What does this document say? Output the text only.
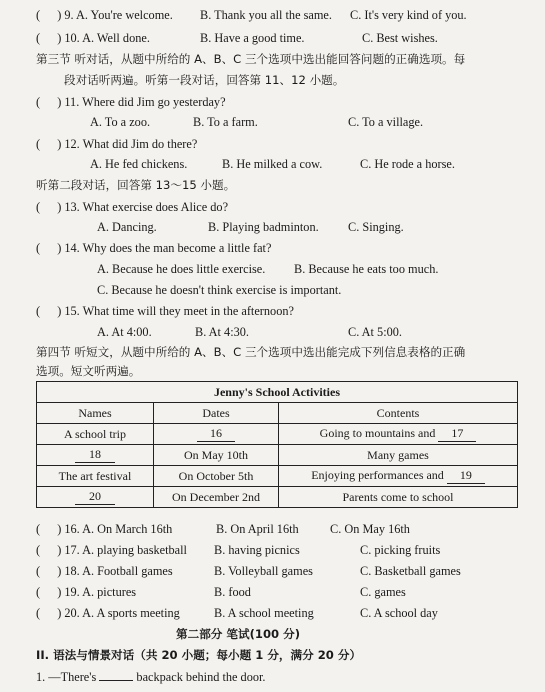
( ) 9. A. You're welcome. B. Thank you all the same. C. It's very kind of you.
( ) 10. A. Well done.	B. Have a good time.	C. Best wishes.
第三节 听对话，从题中所给的 A、B、C 三个选项中选出能回答问题的正确选项。每
段对话听两遍。听第一段对话，回答第 11、12 小题。
( ) 11. Where did Jim go yesterday?
A. To a zoo.	B. To a farm.	C. To a village.
( ) 12. What did Jim do there?
A. He fed chickens.	B. He milked a cow.	C. He rode a horse.
听第二段对话，回答第 13～15 小题。
( ) 13. What exercise does Alice do?
A. Dancing.	B. Playing badminton. C. Singing.
( ) 14. Why does the man become a little fat?
A. Because he does little exercise. B. Because he eats too much.
C. Because he doesn't think exercise is important.
( ) 15. What time will they meet in the afternoon?
A. At 4:00.	B. At 4:30.	C. At 5:00.
第四节 听短文，从题中所给的 A、B、C 三个选项中选出能完成下列信息表格的正确
选项。短文听两遍。
Jenny's School Activities		
Names	Dates	Contents
A school trip	16	Going to mountains and 17
18	On May 10th	Many games
The art festival	On October 5th	Enjoying performances and 19
20	On December 2nd	Parents come to school
( ) 16. A. On March 16th	B. On April 16th	C. On May 16th
( ) 17. A. playing basketball B. having picnics	C. picking fruits
( ) 18. A. Football games	B. Volleyball games	C. Basketball games
( ) 19. A. pictures	B. food	C. games
( ) 20. A. A sports meeting	B. A school meeting	C. A school day
第二部分 笔试(100 分)
II. 语法与情景对话（共 20 小题；每小题 1 分，满分 20 分）
1. —There's	backpack behind the door.
